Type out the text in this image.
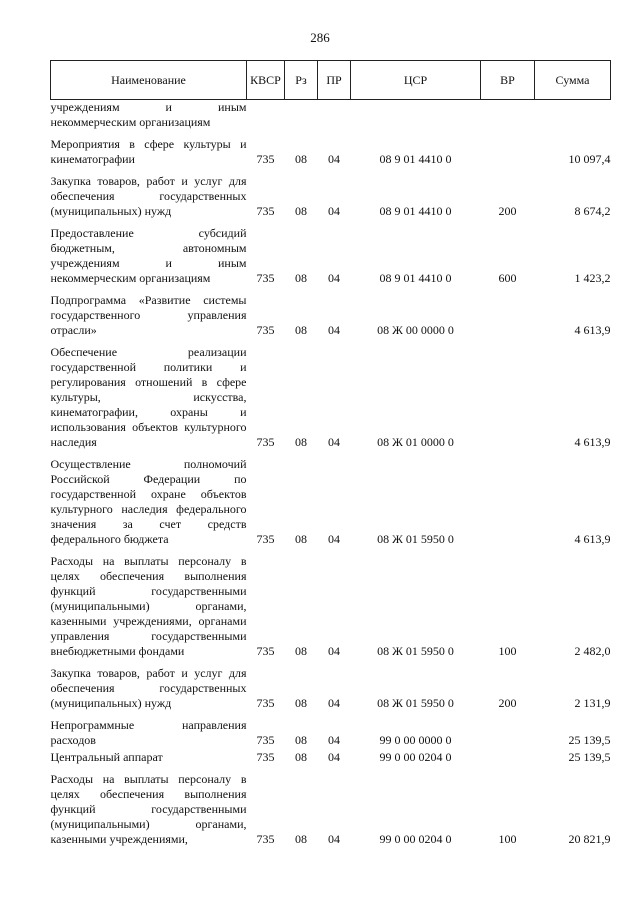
286
Наименование	КВСР	Рз	ПР	ЦСР	ВР	Сумма
учреждениям и иным некоммерческим организациям						
Мероприятия в сфере культуры и кинематографии	735	08	04	08 9 01 4410 0		10 097,4
Закупка товаров, работ и услуг для обеспечения государственных (муниципальных) нужд	735	08	04	08 9 01 4410 0	200	8 674,2
Предоставление субсидий бюджетным, автономным учреждениям и иным некоммерческим организациям	735	08	04	08 9 01 4410 0	600	1 423,2
Подпрограмма «Развитие системы государственного управления отрасли»	735	08	04	08 Ж 00 0000 0		4 613,9
Обеспечение реализации государственной политики и регулирования отношений в сфере культуры, искусства, кинематографии, охраны и использования объектов культурного наследия	735	08	04	08 Ж 01 0000 0		4 613,9
Осуществление полномочий Российской Федерации по государственной охране объектов культурного наследия федерального значения за счет средств федерального бюджета	735	08	04	08 Ж 01 5950 0		4 613,9
Расходы на выплаты персоналу в целях обеспечения выполнения функций государственными (муниципальными) органами, казенными учреждениями, органами управления государственными внебюджетными фондами	735	08	04	08 Ж 01 5950 0	100	2 482,0
Закупка товаров, работ и услуг для обеспечения государственных (муниципальных) нужд	735	08	04	08 Ж 01 5950 0	200	2 131,9
Непрограммные направления расходов	735	08	04	99 0 00 0000 0		25 139,5
Центральный аппарат	735	08	04	99 0 00 0204 0		25 139,5
Расходы на выплаты персоналу в целях обеспечения выполнения функций государственными (муниципальными) органами, казенными учреждениями,	735	08	04	99 0 00 0204 0	100	20 821,9
